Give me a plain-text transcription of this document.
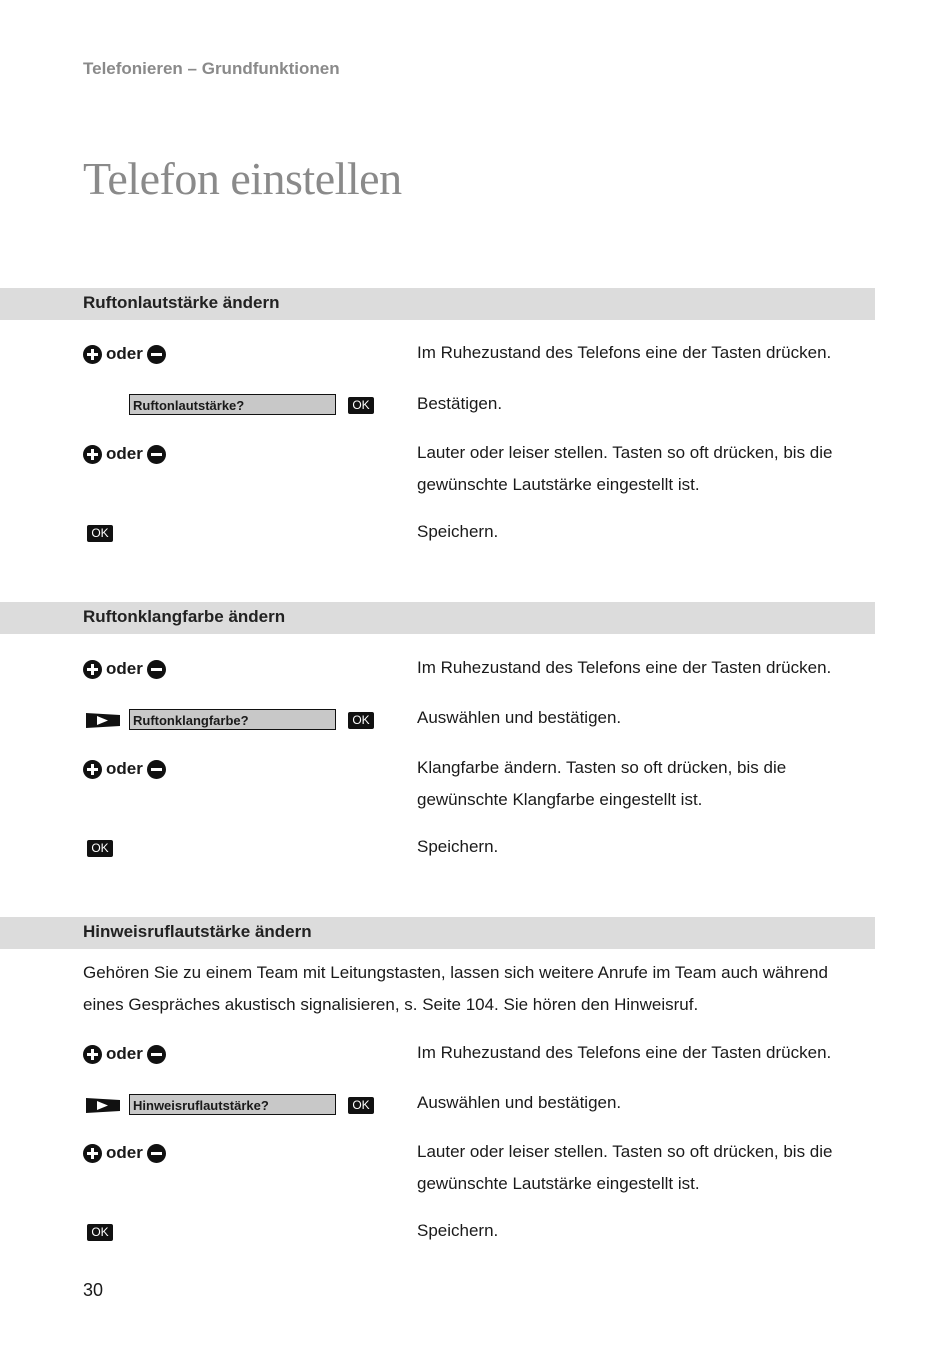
Telefonieren – Grundfunktionen
Telefon einstellen
Ruftonlautstärke ändern
oder	Im Ruhezustand des Telefons eine der Tasten drücken.
Ruftonlautstärke?	OK	Bestätigen.
oder	Lauter oder leiser stellen. Tasten so oft drücken, bis die gewünschte Lautstärke eingestellt ist.
OK	Speichern.
Ruftonklangfarbe ändern
oder	Im Ruhezustand des Telefons eine der Tasten drücken.
Ruftonklangfarbe?	OK	Auswählen und bestätigen.
oder	Klangfarbe ändern. Tasten so oft drücken, bis die gewünschte Klangfarbe eingestellt ist.
OK	Speichern.
Hinweisruflautstärke ändern
Gehören Sie zu einem Team mit Leitungstasten, lassen sich weitere Anrufe im Team auch während eines Gespräches akustisch signalisieren, s. Seite 104. Sie hören den Hinweisruf.
oder	Im Ruhezustand des Telefons eine der Tasten drücken.
Hinweisruflautstärke?	OK	Auswählen und bestätigen.
oder	Lauter oder leiser stellen. Tasten so oft drücken, bis die gewünschte Lautstärke eingestellt ist.
OK	Speichern.
30
